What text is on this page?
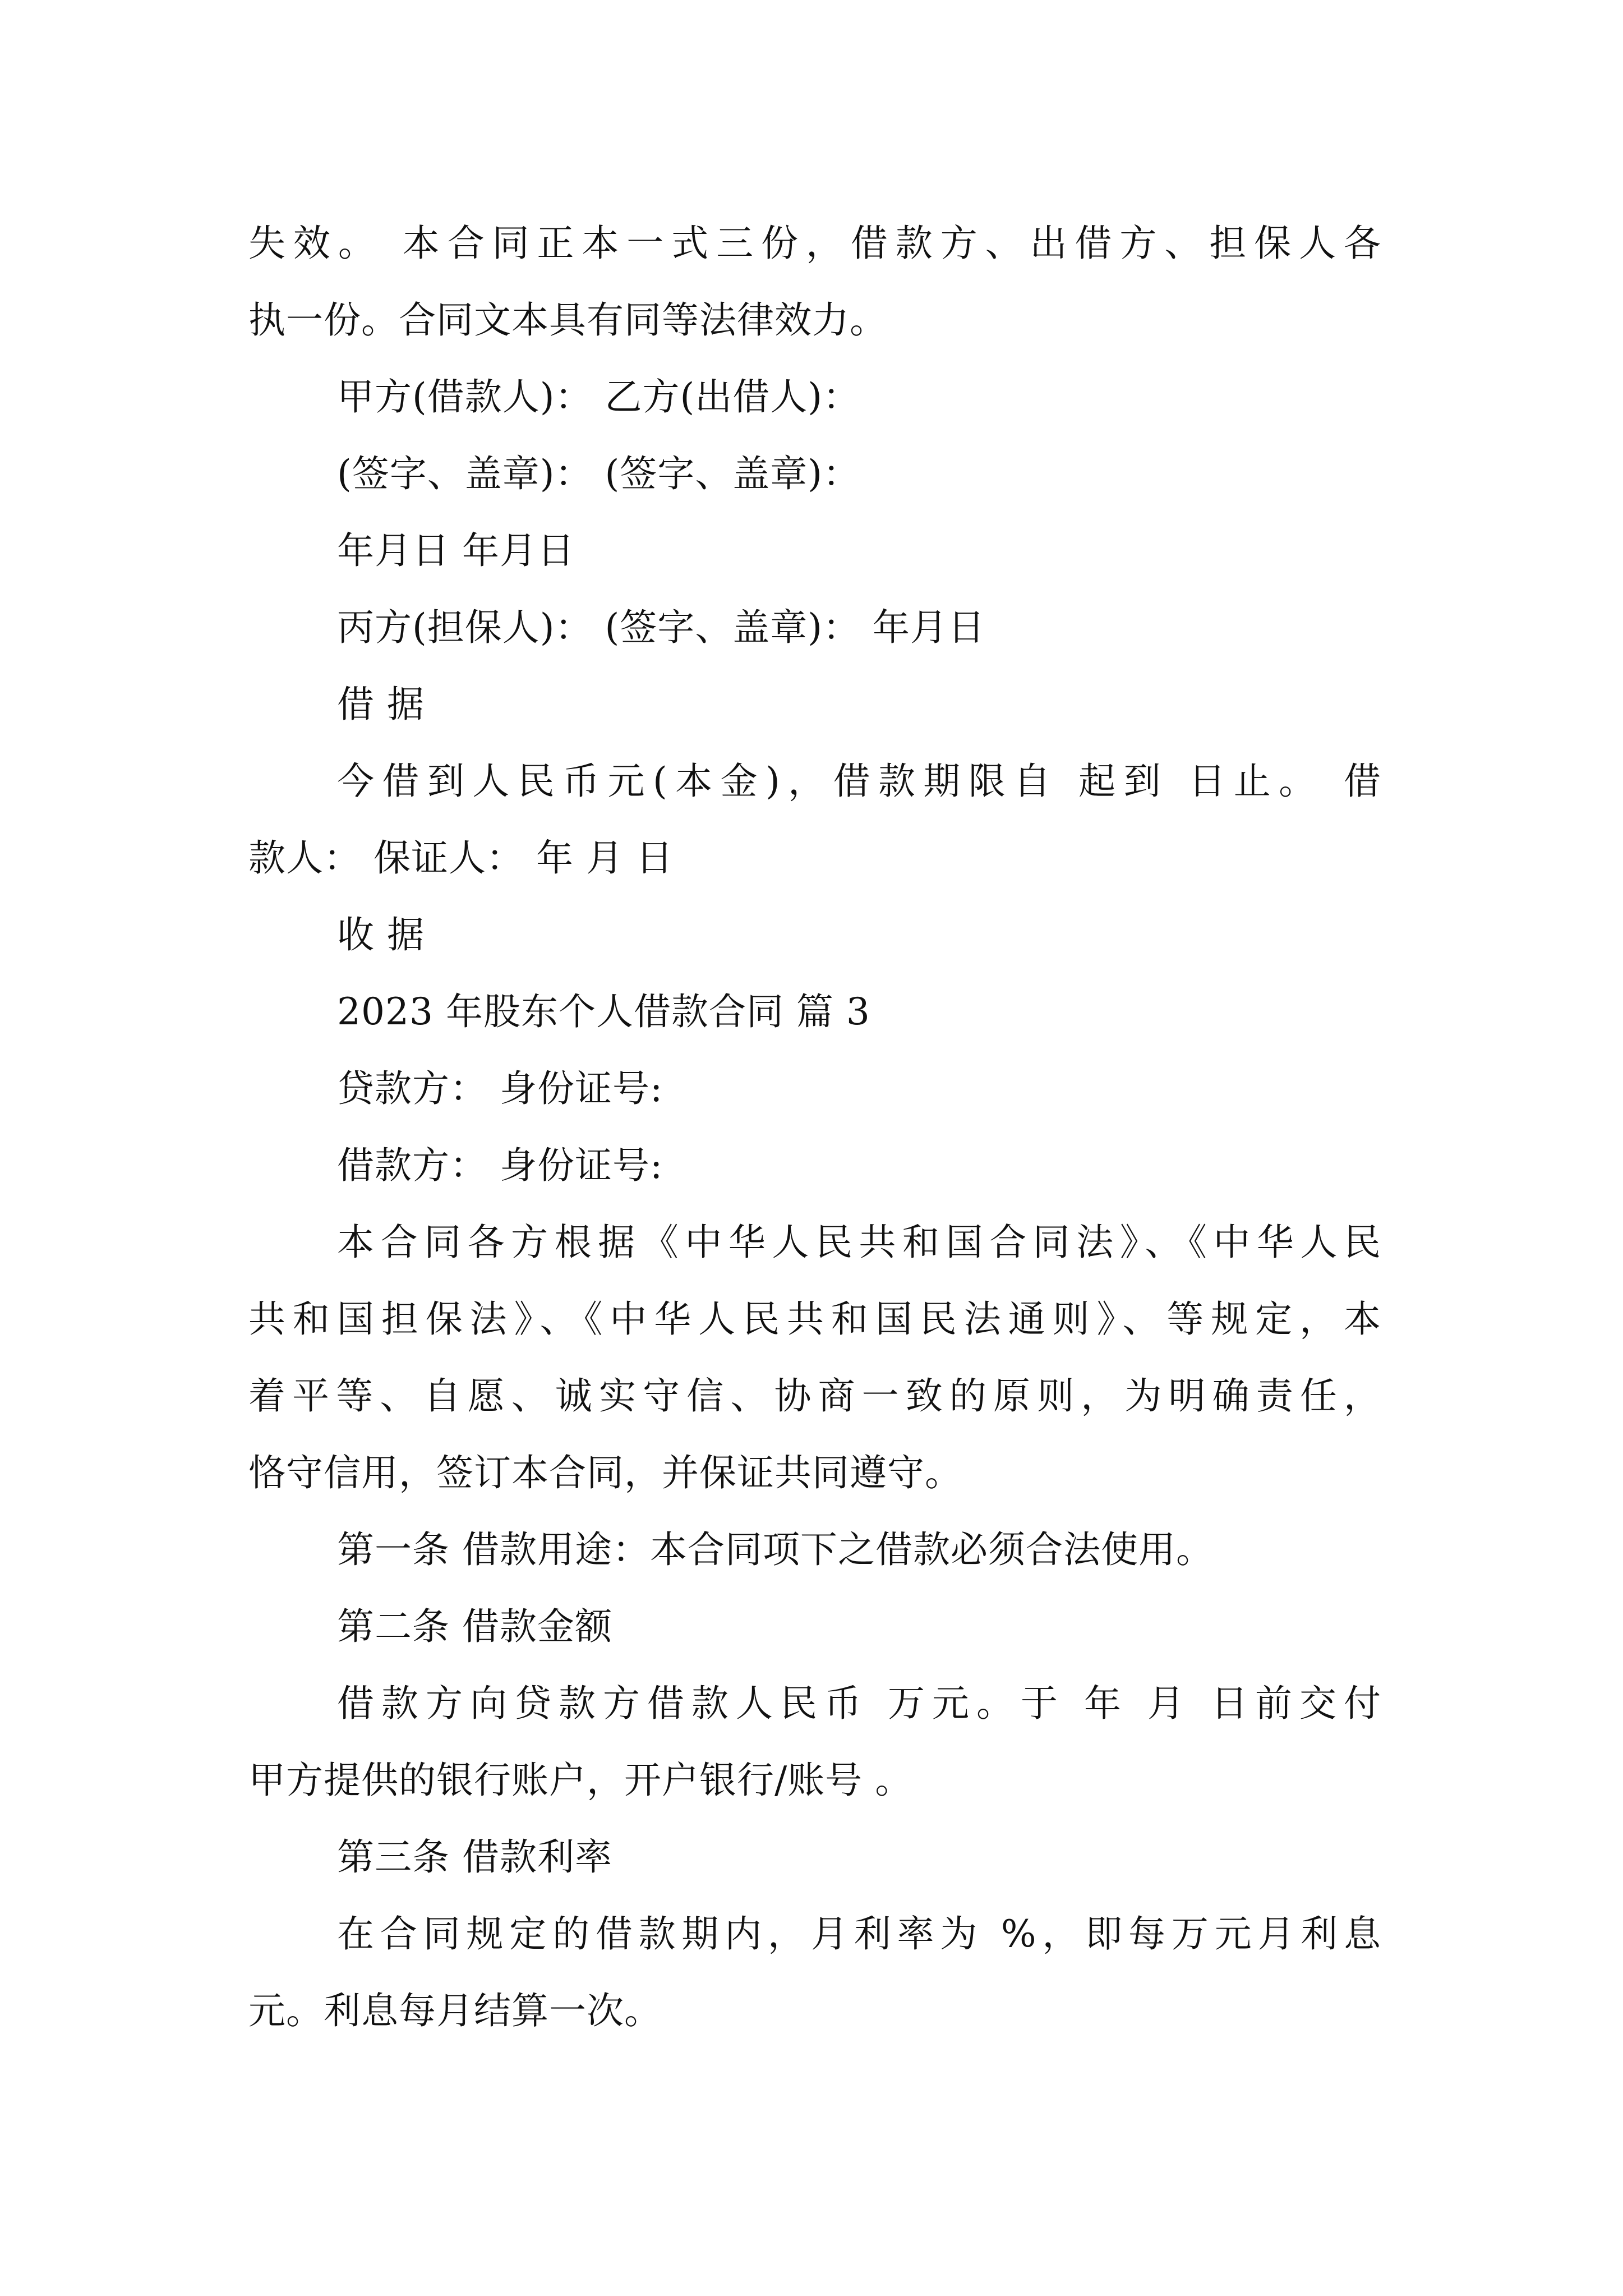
失效。 本合同正本一式三份，借款方、出借方、担保人各

执一份。合同文本具有同等法律效力。

甲方(借款人)： 乙方(出借人)：

(签字、盖章)： (签字、盖章)：

年月日 年月日

丙方(担保人)： (签字、盖章)： 年月日

借 据

今借到人民币元(本金)，借款期限自 起到 日止。 借

款人： 保证人： 年 月 日

收 据

2023 年股东个人借款合同 篇 3

贷款方： 身份证号:

借款方： 身份证号:

本合同各方根据《中华人民共和国合同法》、《中华人民

共和国担保法》、《中华人民共和国民法通则》、等规定，本

着平等、自愿、诚实守信、协商一致的原则，为明确责任，

恪守信用，签订本合同，并保证共同遵守。

第一条 借款用途：本合同项下之借款必须合法使用。

第二条 借款金额

借款方向贷款方借款人民币 万元。于 年 月 日前交付

甲方提供的银行账户，开户银行/账号 。

第三条 借款利率

在合同规定的借款期内，月利率为 %，即每万元月利息

元。利息每月结算一次。
